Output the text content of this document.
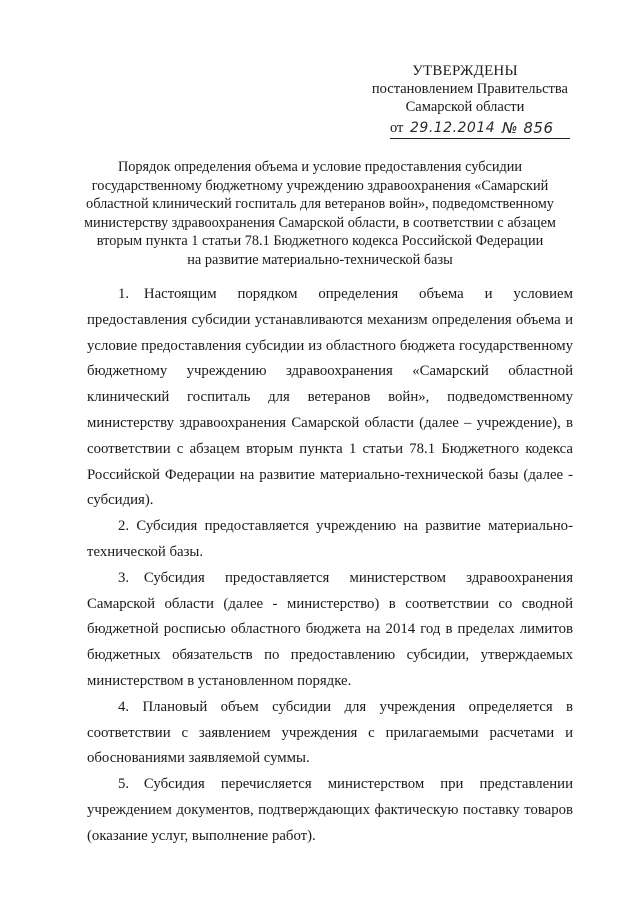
УТВЕРЖДЕНЫ
постановлением Правительства
Самарской области
от 29.12.2014 № 856
Порядок определения объема и условие предоставления субсидии
государственному бюджетному учреждению здравоохранения «Самарский
областной клинический госпиталь для ветеранов войн», подведомственному
министерству здравоохранения Самарской области, в соответствии с абзацем
вторым пункта 1 статьи 78.1 Бюджетного кодекса Российской Федерации
на развитие материально-технической базы

1. Настоящим порядком определения объема и условием предоставления субсидии устанавливаются механизм определения объема и условие предоставления субсидии из областного бюджета государственному бюджетному учреждению здравоохранения «Самарский областной клинический госпиталь для ветеранов войн», подведомственному министерству здравоохранения Самарской области (далее – учреждение), в соответствии с абзацем вторым пункта 1 статьи 78.1 Бюджетного кодекса Российской Федерации на развитие материально-технической базы (далее - субсидия).

2. Субсидия предоставляется учреждению на развитие материально-технической базы.

3. Субсидия предоставляется министерством здравоохранения Самарской области (далее - министерство) в соответствии со сводной бюджетной росписью областного бюджета на 2014 год в пределах лимитов бюджетных обязательств по предоставлению субсидии, утверждаемых министерством в установленном порядке.

4. Плановый объем субсидии для учреждения определяется в соответствии с заявлением учреждения с прилагаемыми расчетами и обоснованиями заявляемой суммы.

5. Субсидия перечисляется министерством при представлении учреждением документов, подтверждающих фактическую поставку товаров (оказание услуг, выполнение работ).
